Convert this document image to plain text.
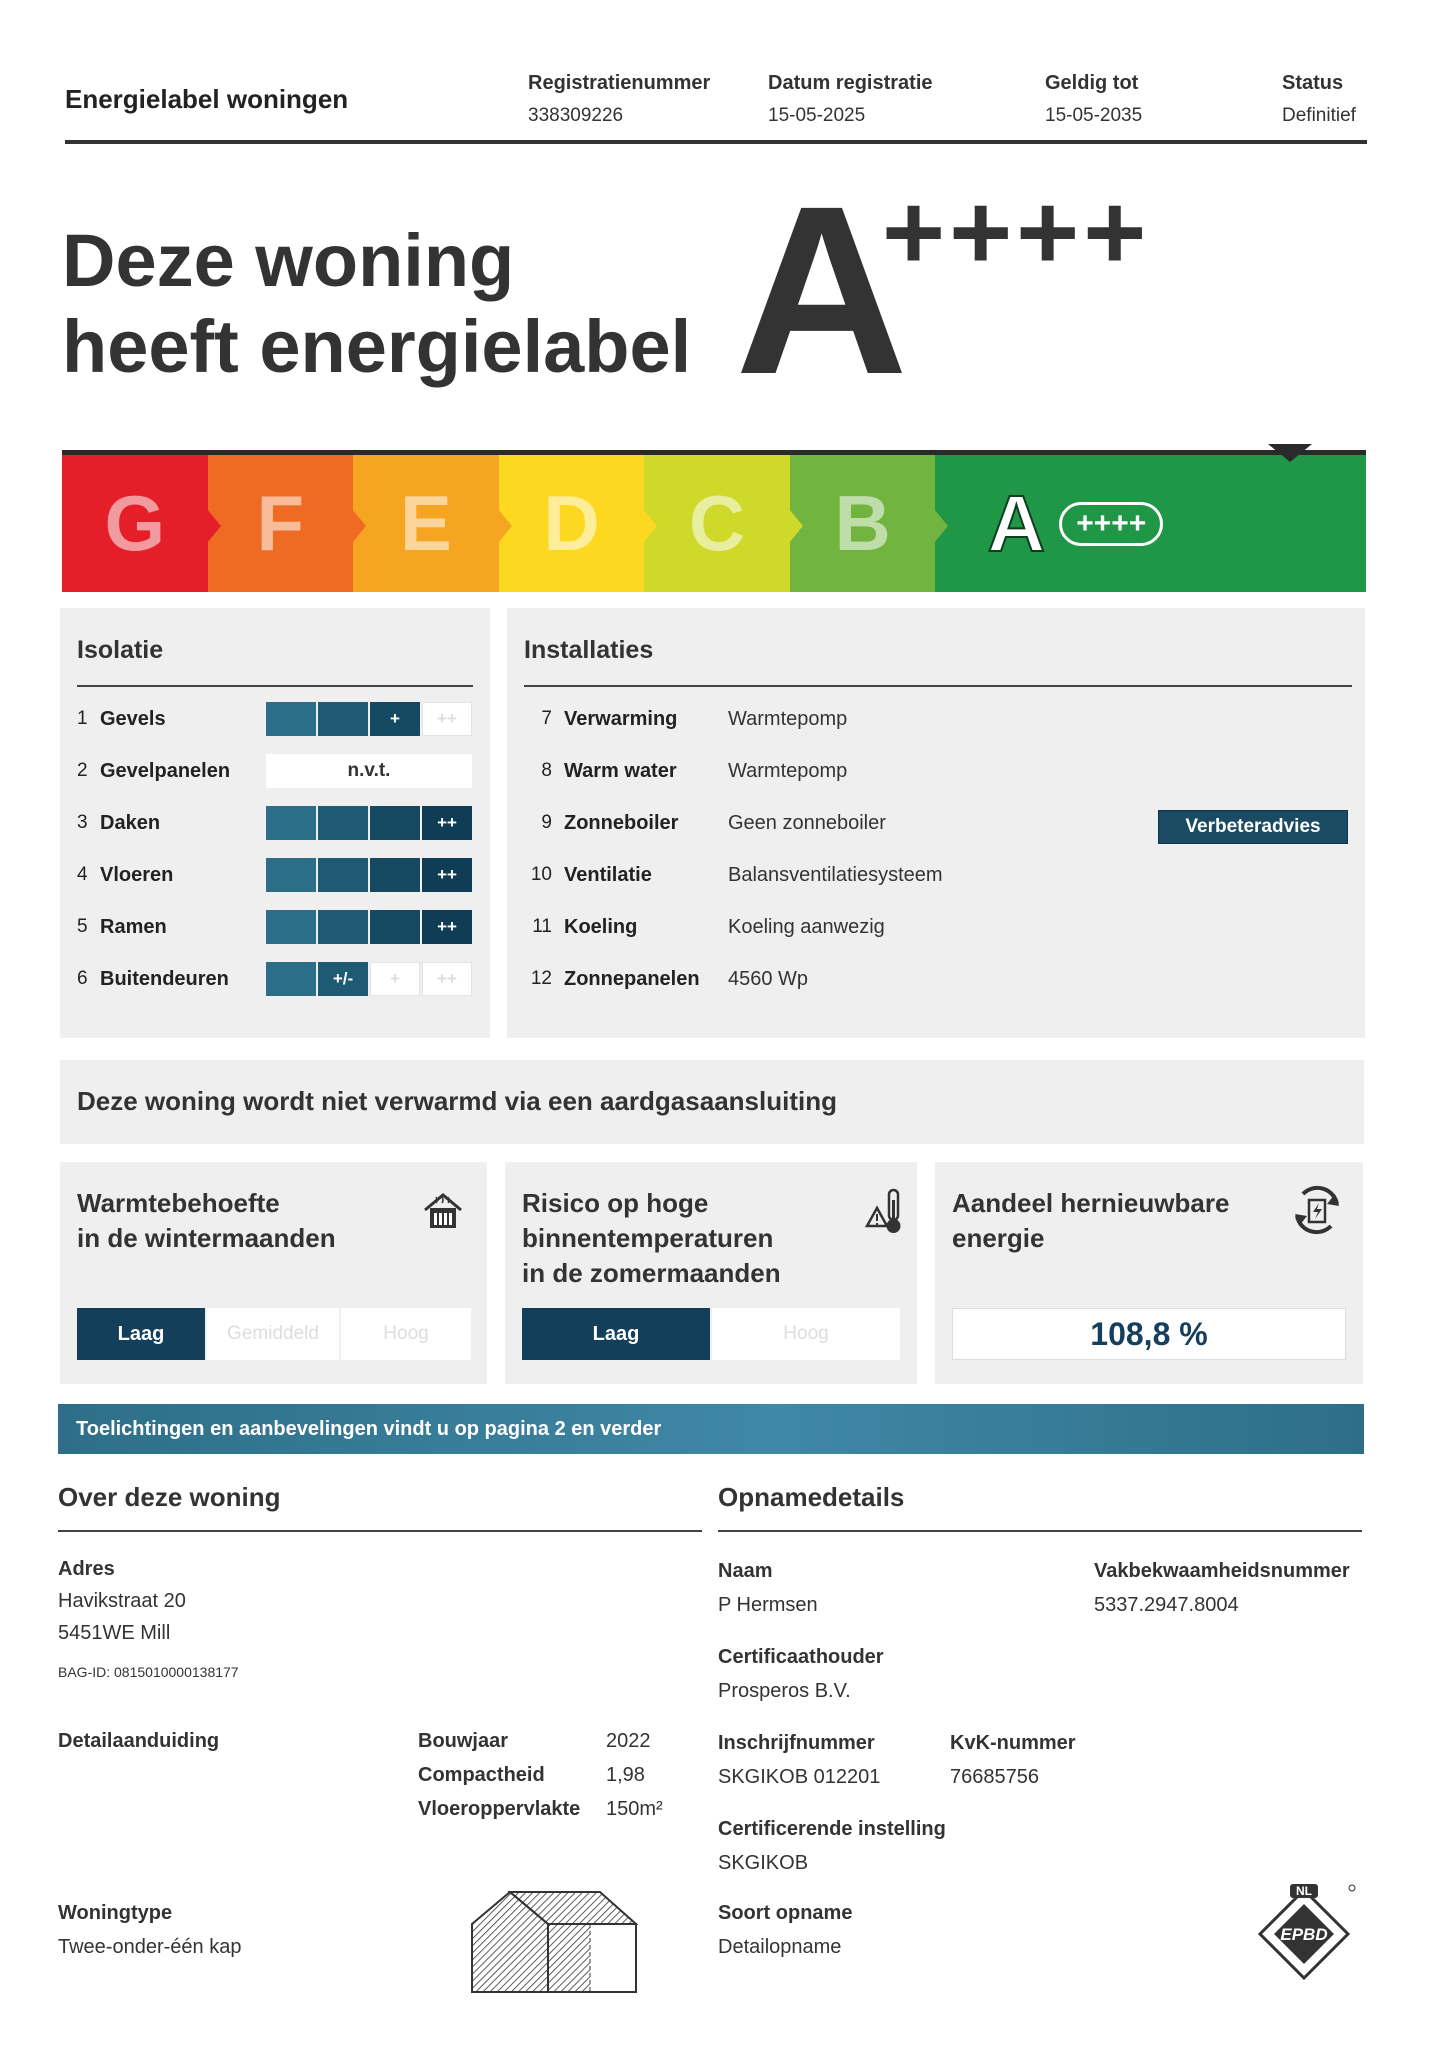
Energielabel woningen
Registratienummer
338309226
Datum registratie
15-05-2025
Geldig tot
15-05-2035
Status
Definitief
Deze woning
heeft energielabel A
++++
G F E D C B A	++++
Isolatie
1 Gevels	+	++
2 Gevelpanelen	n.v.t.
3 Daken	++
4 Vloeren	++
5 Ramen	++
6 Buitendeuren	+/-	+	++
Installaties
7 Verwarming	Warmtepomp
8 Warm water	Warmtepomp
9 Zonneboiler	Geen zonneboiler
10 Ventilatie	Balansventilatiesysteem
11 Koeling	Koeling aanwezig
12 Zonnepanelen	4560 Wp
Verbeteradvies
Deze woning wordt niet verwarmd via een aardgasaansluiting
Warmtebehoefte
in de wintermaanden
Laag	Gemiddeld	Hoog
Risico op hoge
binnentemperaturen
in de zomermaanden
Laag	Hoog
Aandeel hernieuwbare
energie
108,8 %
Toelichtingen en aanbevelingen vindt u op pagina 2 en verder
Over deze woning
Adres
Havikstraat 20
5451WE Mill
BAG-ID: 0815010000138177
Detailaanduiding	Bouwjaar	2022
Compactheid	1,98
Vloeroppervlakte 150m²
Woningtype
Twee-onder-één kap
Opnamedetails
Naam
P Hermsen
Vakbekwaamheidsnummer
5337.2947.8004
Certificaathouder
Prosperos B.V.
Inschrijfnummer
SKGIKOB 012201
KvK-nummer
76685756
Certificerende instelling
SKGIKOB
Soort opname
Detailopname
NL
EPBD
